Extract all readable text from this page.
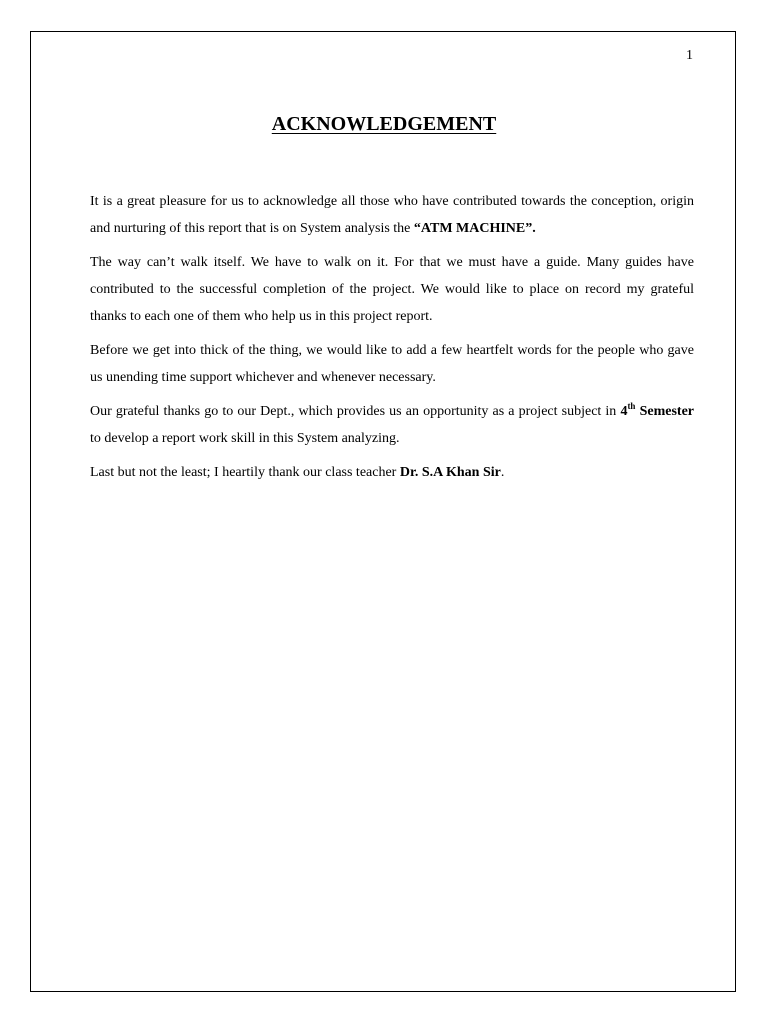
1
ACKNOWLEDGEMENT

It is a great pleasure for us to acknowledge all those who have contributed towards the conception, origin and nurturing of this report that is on System analysis the “ATM MACHINE”.

The way can’t walk itself. We have to walk on it. For that we must have a guide. Many guides have contributed to the successful completion of the project. We would like to place on record my grateful thanks to each one of them who help us in this project report.

Before we get into thick of the thing, we would like to add a few heartfelt words for the people who gave us unending time support whichever and whenever necessary.

Our grateful thanks go to our Dept., which provides us an opportunity as a project subject in 4th Semester to develop a report work skill in this System analyzing.

Last but not the least; I heartily thank our class teacher Dr. S.A Khan Sir.
